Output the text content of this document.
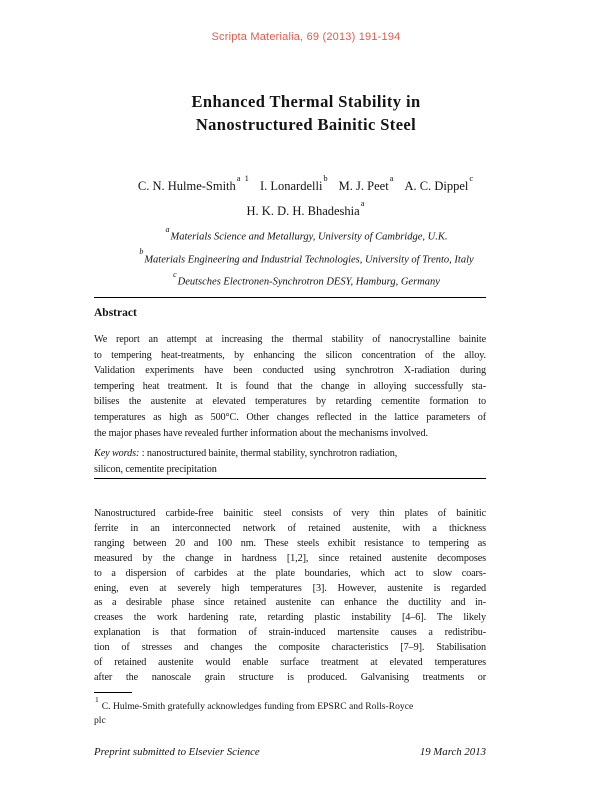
Scripta Materialia, 69 (2013) 191-194
Enhanced Thermal Stability in
Nanostructured Bainitic Steel
C. N. Hulme-Smith$^{a 1}$I. Lonardelli$^b$M. J. Peet$^a$A. C. Dippel$^c$
H. K. D. H. Bhadeshia$^a$
$^a$Materials Science and Metallurgy, University of Cambridge, U.K.
$^b$Materials Engineering and Industrial Technologies, University of Trento, Italy
$^c$Deutsches Electronen-Synchrotron DESY, Hamburg, Germany
Abstract
We report an attempt at increasing the thermal stability of nanocrystalline bainite
to tempering heat-treatments, by enhancing the silicon concentration of the alloy.
Validation experiments have been conducted using synchrotron X-radiation during
tempering heat treatment. It is found that the change in alloying successfully sta-
bilises the austenite at elevated temperatures by retarding cementite formation to
temperatures as high as 500°C. Other changes reflected in the lattice parameters of
the major phases have revealed further information about the mechanisms involved.
Key words: : nanostructured bainite, thermal stability, synchrotron radiation,
silicon, cementite precipitation
Nanostructured carbide-free bainitic steel consists of very thin plates of bainitic
ferrite in an interconnected network of retained austenite, with a thickness
ranging between 20 and 100 nm. These steels exhibit resistance to tempering as
measured by the change in hardness [1,2], since retained austenite decomposes
to a dispersion of carbides at the plate boundaries, which act to slow coars-
ening, even at severely high temperatures [3]. However, austenite is regarded
as a desirable phase since retained austenite can enhance the ductility and in-
creases the work hardening rate, retarding plastic instability [4–6]. The likely
explanation is that formation of strain-induced martensite causes a redistribu-
tion of stresses and changes the composite characteristics [7–9]. Stabilisation
of retained austenite would enable surface treatment at elevated temperatures
after the nanoscale grain structure is produced. Galvanising treatments or
$^1$C. Hulme-Smith gratefully acknowledges funding from EPSRC and Rolls-Royce
plc
Preprint submitted to Elsevier Science	19 March 2013
